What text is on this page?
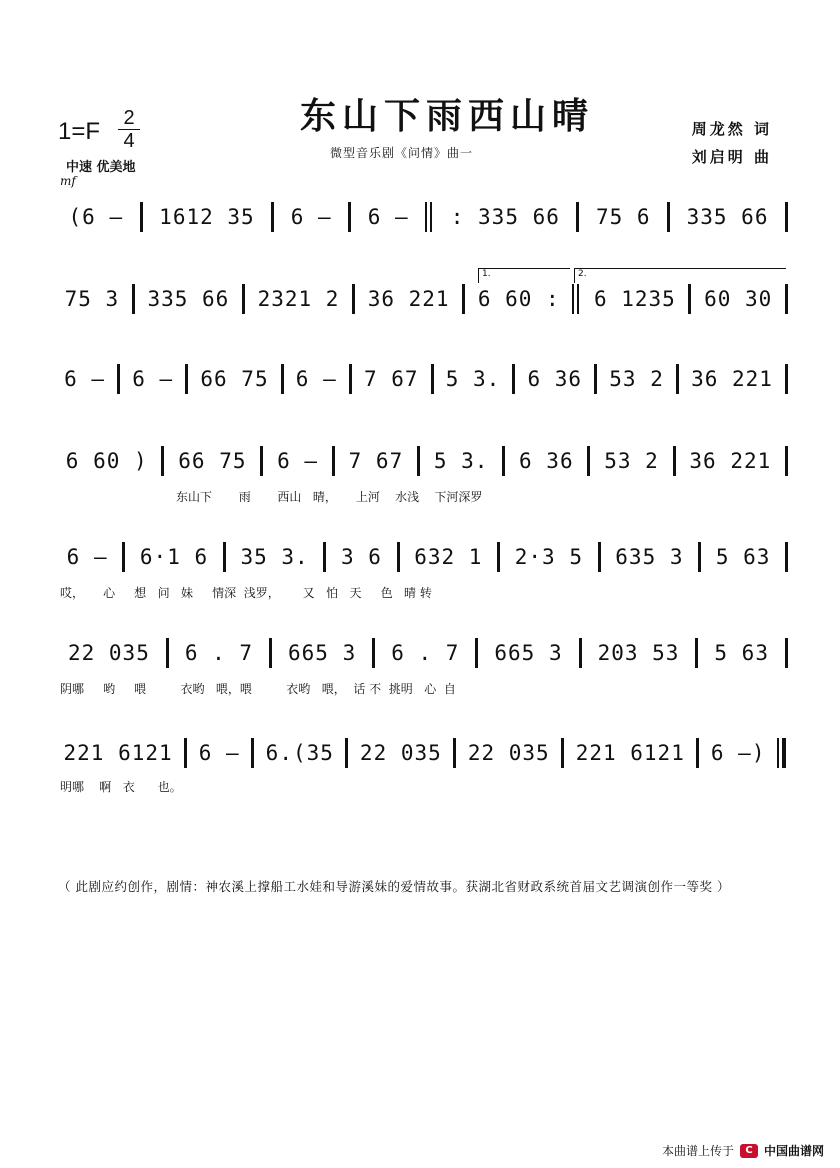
1=F 2
4
中速 优美地
mf
东山下雨西山晴
微型音乐剧《问情》曲一
周龙然 词
刘启明 曲
(6 –	1612 35	6 –	6 –	: 335 66	75 6	335 66
1.	2.
75 3	335 66	2321 2	36 221	6 60 :	6 1235	60 30
6 –	6 –	66 75	6 –	7 67	5 3.	6 36	53 2	36 221
6 60 )	66 75	6 –	7 67	5 3.	6 36	53 2	36 221
东山下       雨       西山   晴，     上河    水浅    下河深罗
6 –	6·1 6	35 3.	3 6	632 1	2·3 5	635 3	5 63
哎，     心     想   问   妹     情深  浅罗，      又   怕   天     色   晴 转
22 035	6 . 7	665 3	6 . 7	665 3	203 53	5 63
阴哪     哟     喂         衣哟   喂，喂         衣哟   喂，  话 不  挑明   心  自
221 6121	6 –	6.(35	22 035	22 035	221 6121	6 –)
明哪    啊   衣      也。
（ 此剧应约创作，剧情：神农溪上撑船工水娃和导游溪妹的爱情故事。获湖北省财政系统首届文艺调演创作一等奖 ）
本曲谱上传于	C 中国曲谱网
